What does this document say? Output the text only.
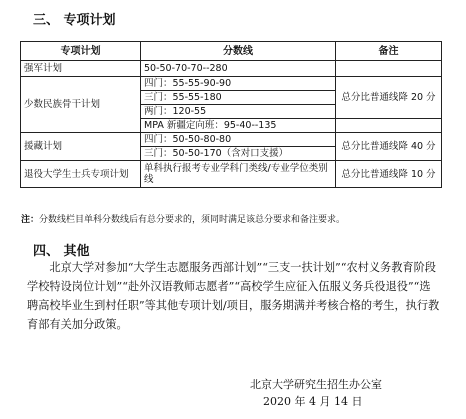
三、 专项计划
专项计划	分数线	备注
强军计划	50-50-70-70--280	
少数民族骨干计划	四门：55-55-90-90	总分比普通线降 20 分
	三门：55-55-180	
	两门：120-55	
	MPA 新疆定向班：95-40--135	
援藏计划	四门：50-50-80-80	总分比普通线降 40 分
	三门：50-50-170（含对口支援）	
退役大学生士兵专项计划	单科执行报考专业学科门类线/专业学位类别线	总分比普通线降 10 分
注：分数线栏目单科分数线后有总分要求的，须同时满足该总分要求和备注要求。
四、 其他

北京大学对参加“大学生志愿服务西部计划”“三支一扶计划”“农村义务教育阶段学校特设岗位计划”“赴外汉语教师志愿者”“高校学生应征入伍服义务兵役退役”“选聘高校毕业生到村任职”等其他专项计划/项目，服务期满并考核合格的考生，执行教育部有关加分政策。

北京大学研究生招生办公室
2020 年 4 月 14 日
